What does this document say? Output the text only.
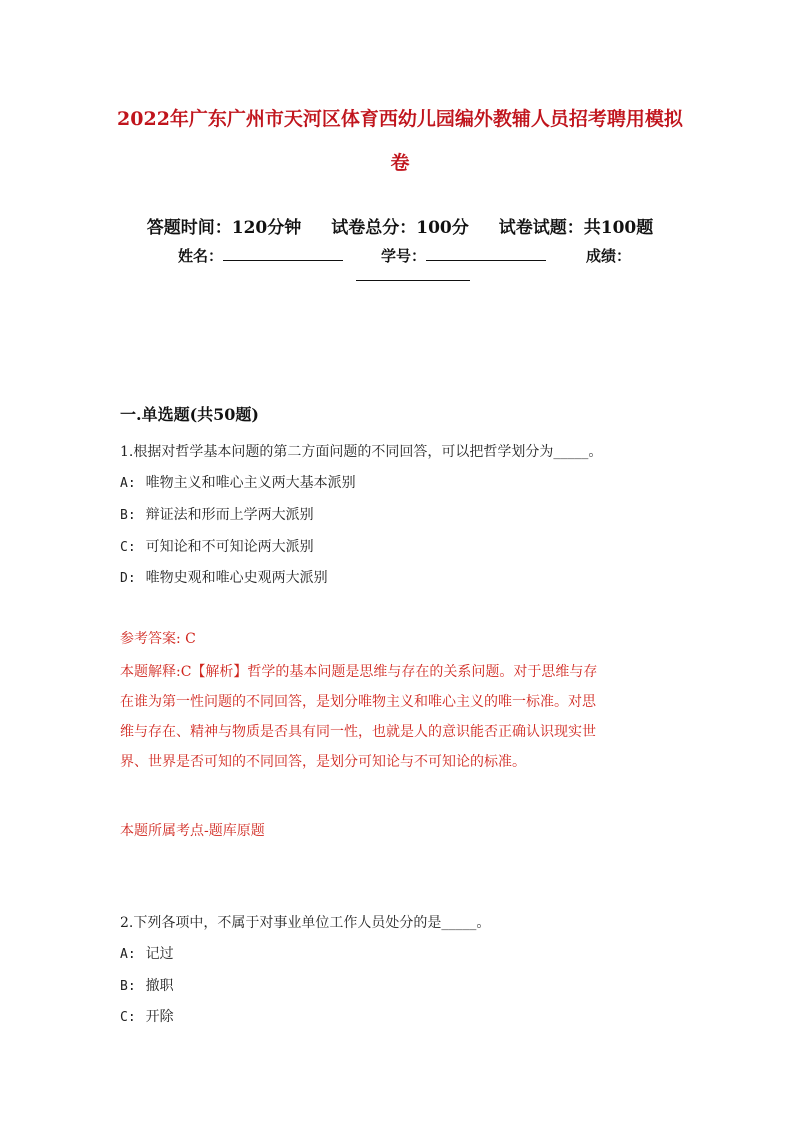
2022年广东广州市天河区体育西幼儿园编外教辅人员招考聘用模拟
卷
答题时间：120分钟 试卷总分：100分 试卷试题：共100题
姓名：	学号：	成绩：
一.单选题(共50题)
1.根据对哲学基本问题的第二方面问题的不同回答，可以把哲学划分为_____。
A: 唯物主义和唯心主义两大基本派别
B: 辩证法和形而上学两大派别
C: 可知论和不可知论两大派别
D: 唯物史观和唯心史观两大派别
参考答案: C
本题解释:C【解析】哲学的基本问题是思维与存在的关系问题。对于思维与存
在谁为第一性问题的不同回答，是划分唯物主义和唯心主义的唯一标准。对思
维与存在、精神与物质是否具有同一性，也就是人的意识能否正确认识现实世
界、世界是否可知的不同回答，是划分可知论与不可知论的标准。
本题所属考点-题库原题
2.下列各项中，不属于对事业单位工作人员处分的是_____。
A: 记过
B: 撤职
C: 开除
